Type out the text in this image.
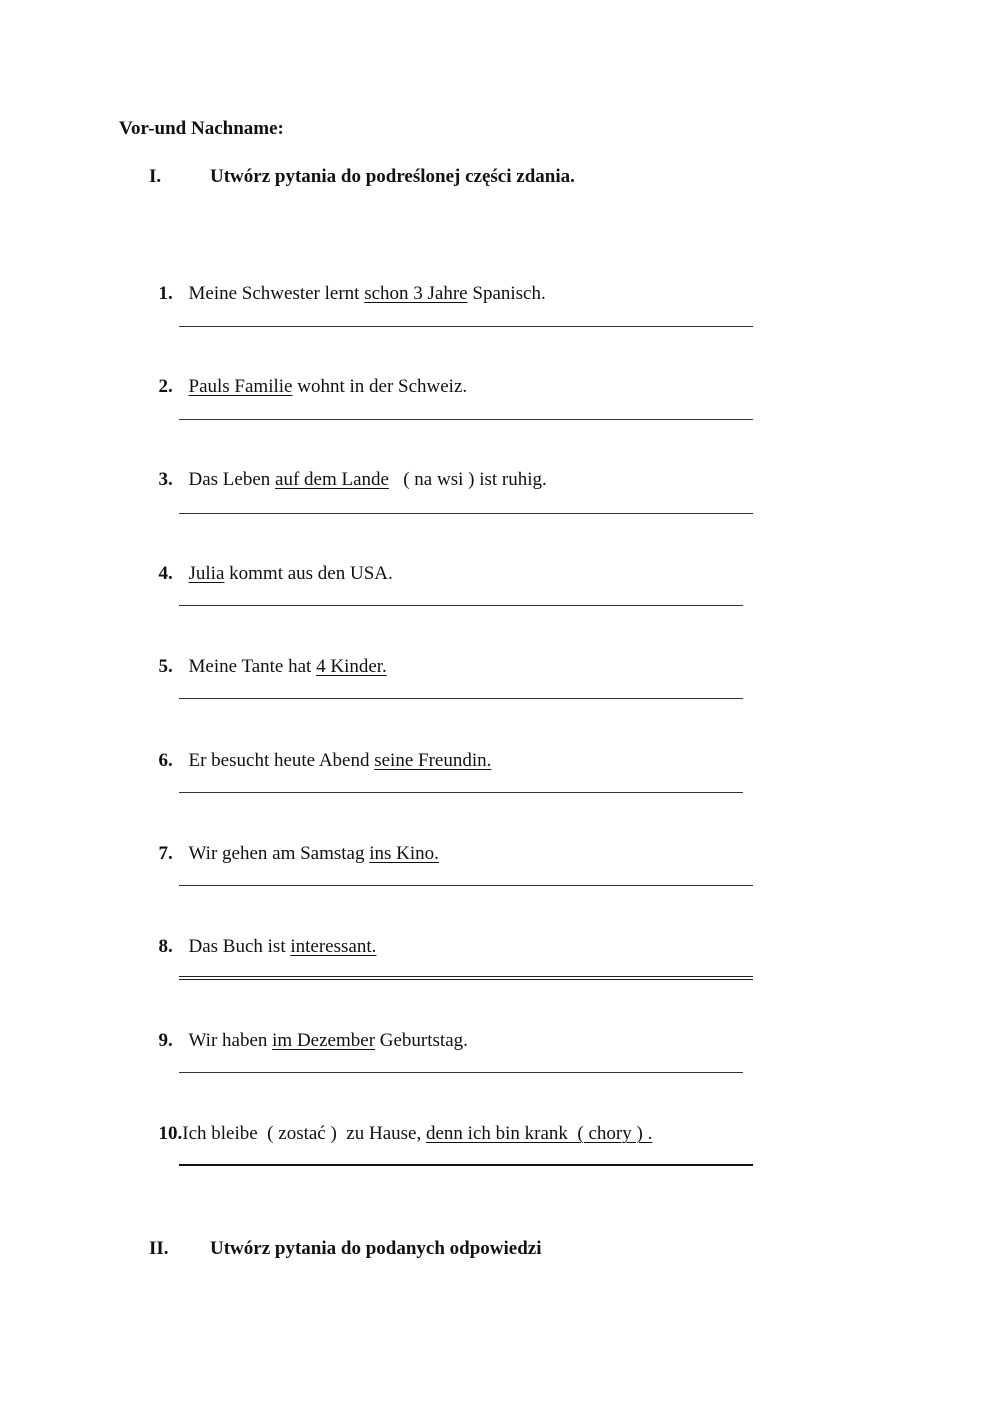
Vor-und Nachname:
I.	Utwórz pytania do podreślonej części zdania.

1. Meine Schwester lernt schon 3 Jahre Spanisch.

2. Pauls Familie wohnt in der Schweiz.

3. Das Leben auf dem Lande   ( na wsi ) ist ruhig.

4. Julia kommt aus den USA.

5. Meine Tante hat 4 Kinder.

6. Er besucht heute Abend seine Freundin.

7. Wir gehen am Samstag ins Kino.

8. Das Buch ist interessant.

9. Wir haben im Dezember Geburtstag.

10.Ich bleibe  ( zostać )  zu Hause, denn ich bin krank  ( chory ) .

II. Utwórz pytania do podanych odpowiedzi
